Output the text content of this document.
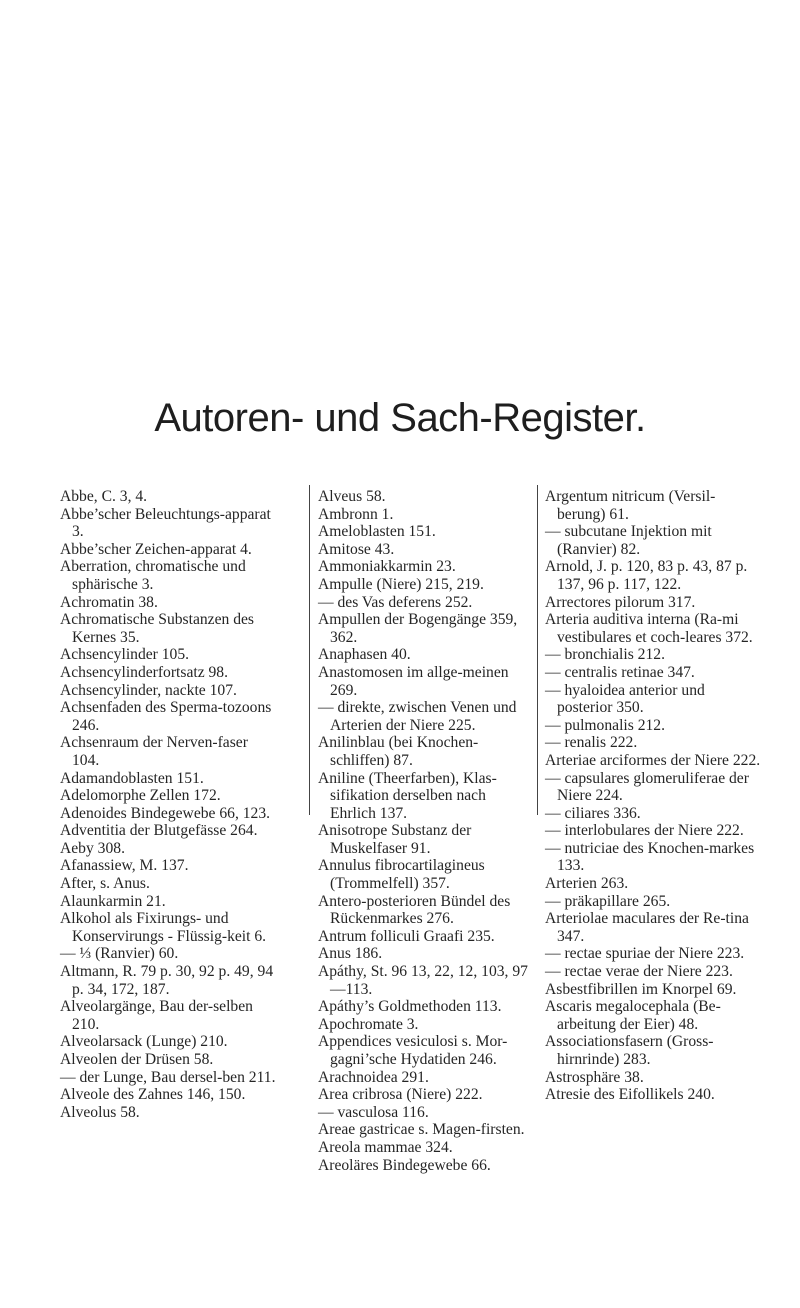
Autoren- und Sach-Register.
Abbe, C. 3, 4.
Abbe’scher Beleuchtungs-apparat 3.
Abbe’scher Zeichen-apparat 4.
Aberration, chromatische und sphärische 3.
Achromatin 38.
Achromatische Substanzen des Kernes 35.
Achsencylinder 105.
Achsencylinderfortsatz 98.
Achsencylinder, nackte 107.
Achsenfaden des Sperma-tozoons 246.
Achsenraum der Nerven-faser 104.
Adamandoblasten 151.
Adelomorphe Zellen 172.
Adenoides Bindegewebe 66, 123.
Adventitia der Blutgefässe 264.
Aeby 308.
Afanassiew, M. 137.
After, s. Anus.
Alaunkarmin 21.
Alkohol als Fixirungs- und Konservirungs - Flüssig-keit 6.
— ⅓ (Ranvier) 60.
Altmann, R. 79 p. 30, 92 p. 49, 94 p. 34, 172, 187.
Alveolargänge, Bau der-selben 210.
Alveolarsack (Lunge) 210.
Alveolen der Drüsen 58.
— der Lunge, Bau dersel-ben 211.
Alveole des Zahnes 146, 150.
Alveolus 58.
Alveus 58.
Ambronn 1.
Ameloblasten 151.
Amitose 43.
Ammoniakkarmin 23.
Ampulle (Niere) 215, 219.
— des Vas deferens 252.
Ampullen der Bogengänge 359, 362.
Anaphasen 40.
Anastomosen im allge-meinen 269.
— direkte, zwischen Venen und Arterien der Niere 225.
Anilinblau (bei Knochen-schliffen) 87.
Aniline (Theerfarben), Klas-sifikation derselben nach Ehrlich 137.
Anisotrope Substanz der Muskelfaser 91.
Annulus fibrocartilagineus (Trommelfell) 357.
Antero-posterioren Bündel des Rückenmarkes 276.
Antrum folliculi Graafi 235.
Anus 186.
Apáthy, St. 96 13, 22, 12, 103, 97—113.
Apáthy’s Goldmethoden 113.
Apochromate 3.
Appendices vesiculosi s. Mor-gagni’sche Hydatiden 246.
Arachnoidea 291.
Area cribrosa (Niere) 222.
— vasculosa 116.
Areae gastricae s. Magen-firsten.
Areola mammae 324.
Areoläres Bindegewebe 66.
Argentum nitricum (Versil-berung) 61.
— subcutane Injektion mit (Ranvier) 82.
Arnold, J. p. 120, 83 p. 43, 87 p. 137, 96 p. 117, 122.
Arrectores pilorum 317.
Arteria auditiva interna (Ra-mi vestibulares et coch-leares 372.
— bronchialis 212.
— centralis retinae 347.
— hyaloidea anterior und posterior 350.
— pulmonalis 212.
— renalis 222.
Arteriae arciformes der Niere 222.
— capsulares glomeruliferae der Niere 224.
— ciliares 336.
— interlobulares der Niere 222.
— nutriciae des Knochen-markes 133.
Arterien 263.
— präkapillare 265.
Arteriolae maculares der Re-tina 347.
— rectae spuriae der Niere 223.
— rectae verae der Niere 223.
Asbestfibrillen im Knorpel 69.
Ascaris megalocephala (Be-arbeitung der Eier) 48.
Associationsfasern (Gross-hirnrinde) 283.
Astrosphäre 38.
Atresie des Eifollikels 240.
